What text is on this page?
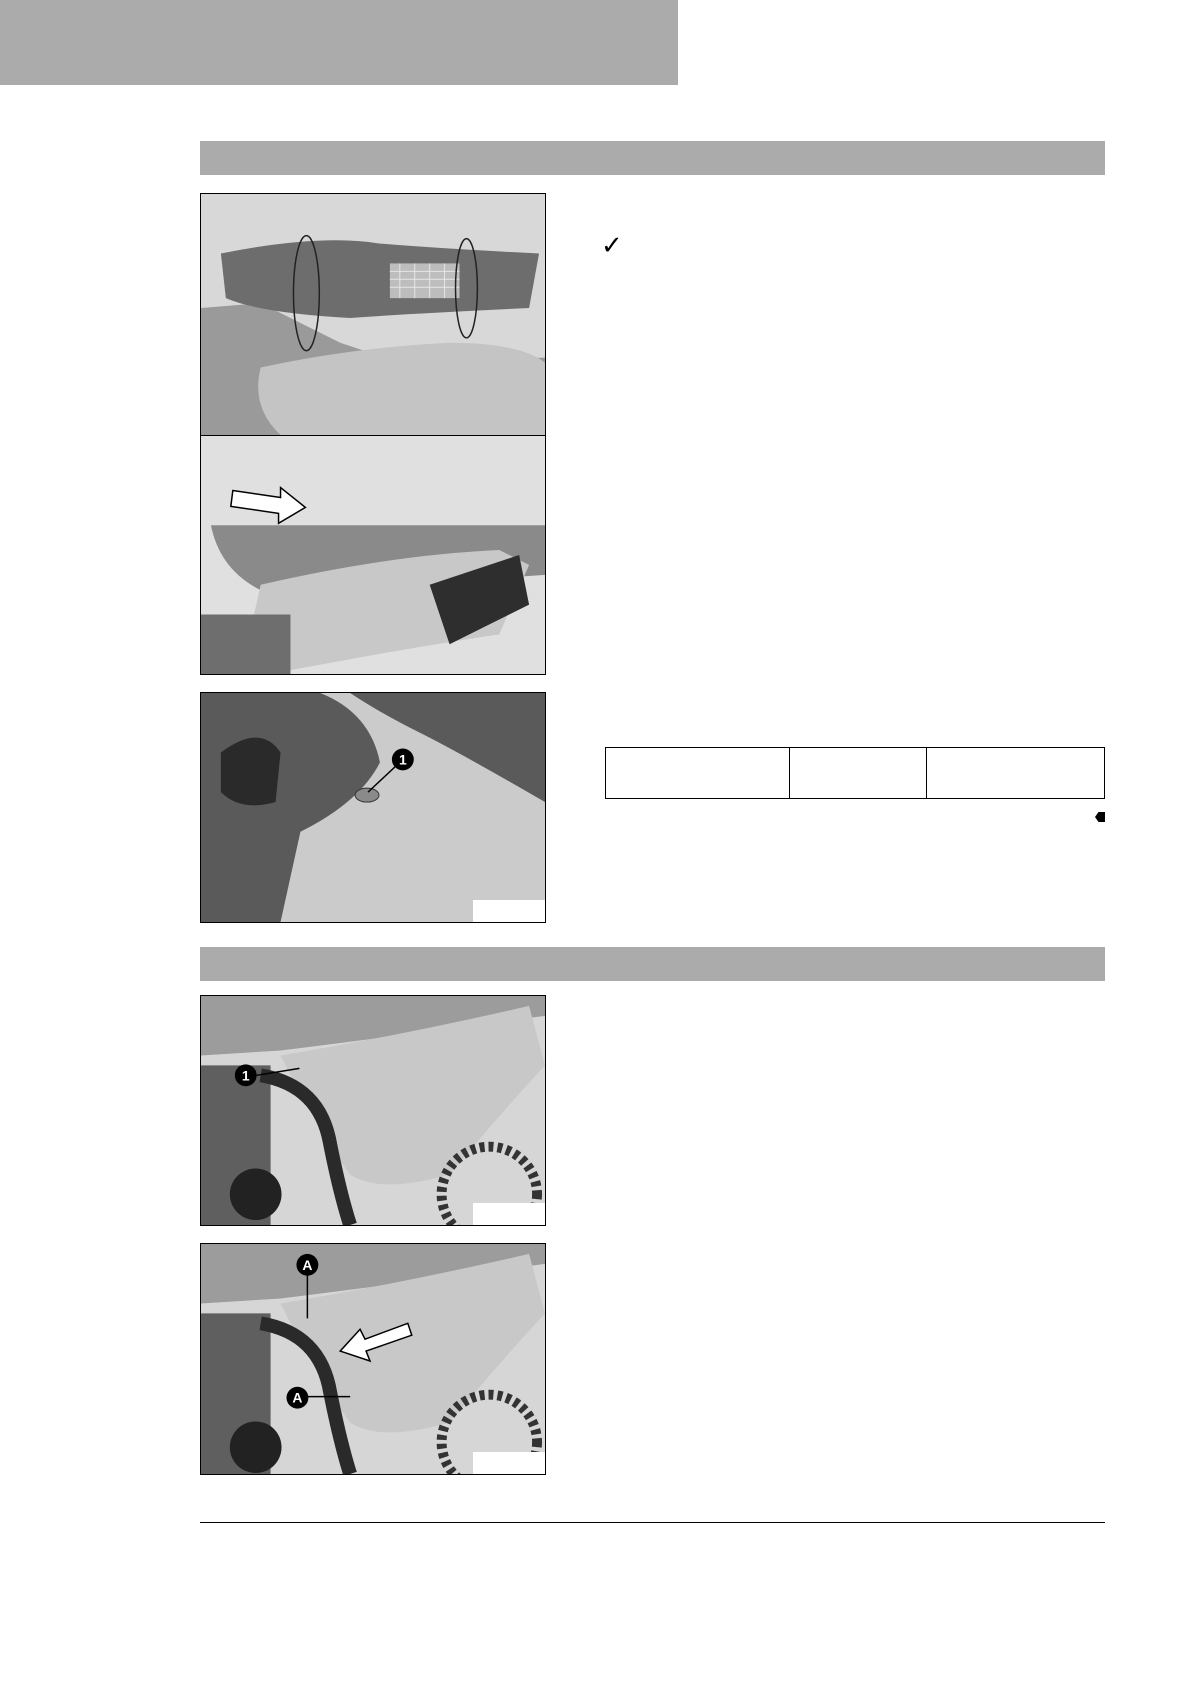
1
✓

1
A
A
